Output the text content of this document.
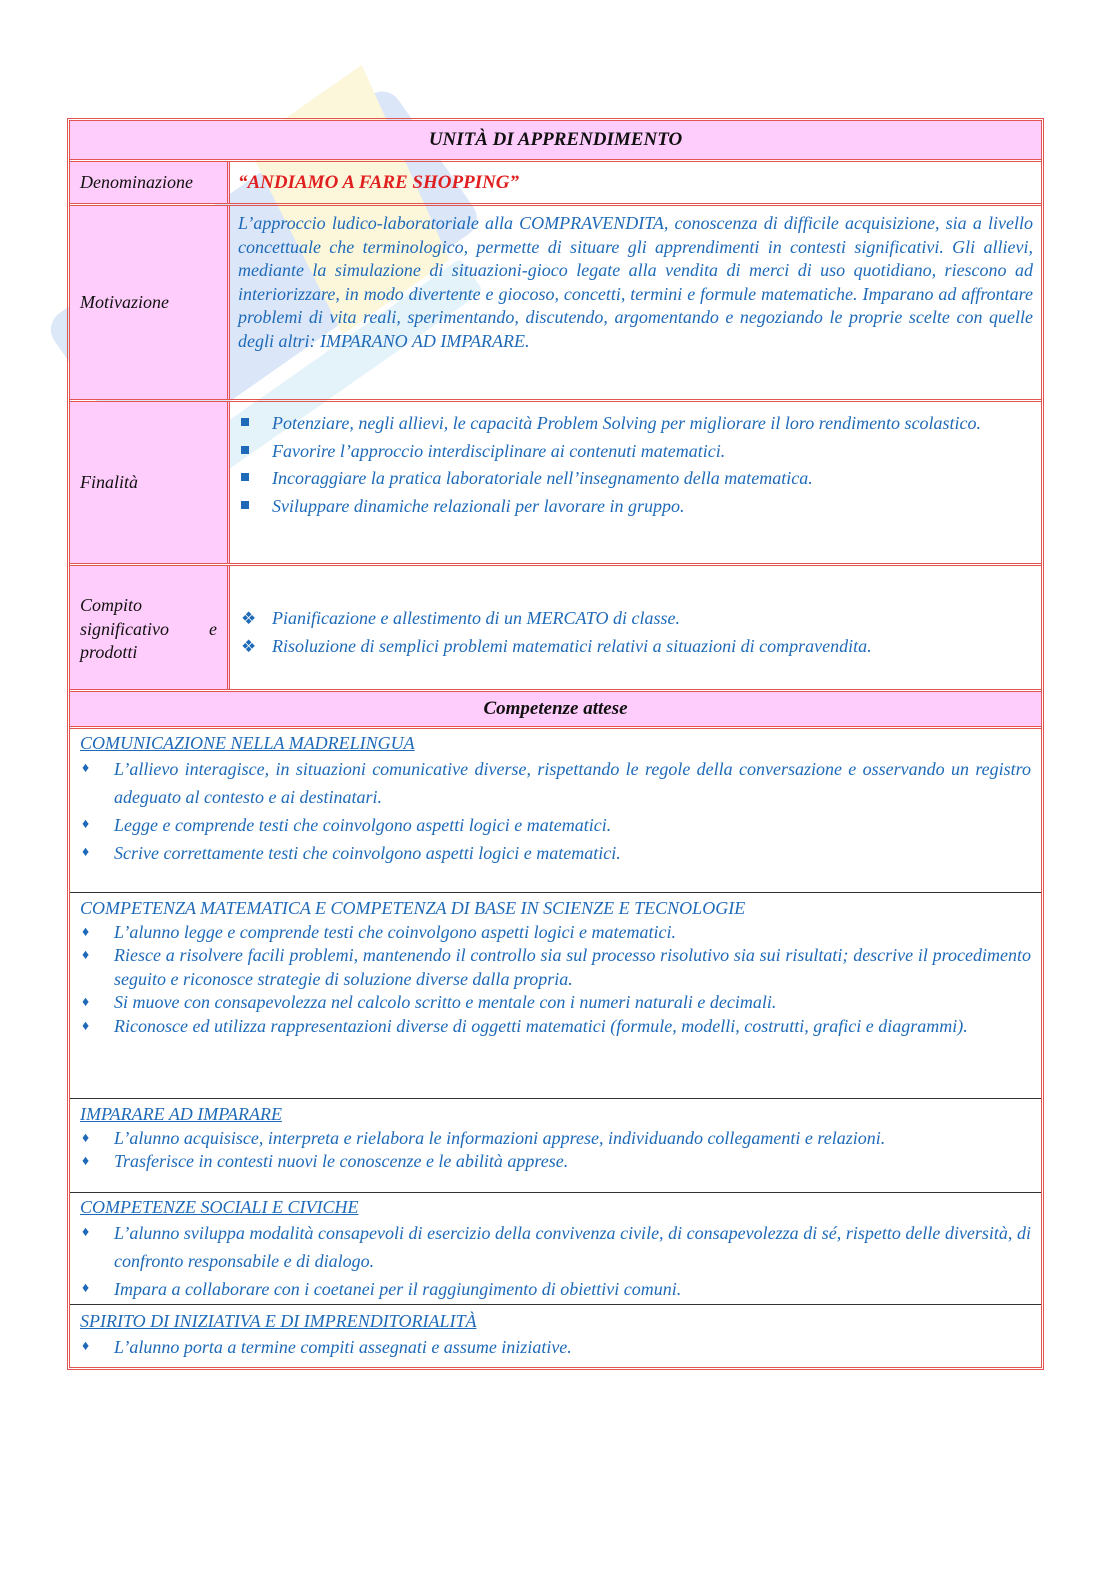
UNITÀ DI APPRENDIMENTO
Denominazione	“ANDIAMO A FARE SHOPPING”
Motivazione
L’approccio ludico-laboratoriale alla COMPRAVENDITA, conoscenza di difficile acquisizione, sia a livello concettuale che terminologico, permette di situare gli apprendimenti in contesti significativi. Gli allievi, mediante la simulazione di situazioni-gioco legate alla vendita di merci di uso quotidiano, riescono ad interiorizzare, in modo divertente e giocoso, concetti, termini e formule matematiche. Imparano ad affrontare problemi di vita reali, sperimentando, discutendo, argomentando e negoziando le proprie scelte con quelle degli altri: IMPARANO AD IMPARARE.
Finalità
Potenziare, negli allievi, le capacità Problem Solving per migliorare il loro rendimento scolastico.
Favorire l’approccio interdisciplinare ai contenuti matematici.
Incoraggiare la pratica laboratoriale nell’insegnamento della matematica.
Sviluppare dinamiche relazionali per lavorare in gruppo.
Compito
significativo e
prodotti
❖ Pianificazione e allestimento di un MERCATO di classe.
❖ Risoluzione di semplici problemi matematici relativi a situazioni di compravendita.
Competenze attese
COMUNICAZIONE NELLA MADRELINGUA
♦ L’allievo interagisce, in situazioni comunicative diverse, rispettando le regole della conversazione e osservando un registro adeguato al contesto e ai destinatari.
♦ Legge e comprende testi che coinvolgono aspetti logici e matematici.
♦ Scrive correttamente testi che coinvolgono aspetti logici e matematici.
COMPETENZA MATEMATICA E COMPETENZA DI BASE IN SCIENZE E TECNOLOGIE
♦ L’alunno legge e comprende testi che coinvolgono aspetti logici e matematici.
♦ Riesce a risolvere facili problemi, mantenendo il controllo sia sul processo risolutivo sia sui risultati; descrive il procedimento seguito e riconosce strategie di soluzione diverse dalla propria.
♦ Si muove con consapevolezza nel calcolo scritto e mentale con i numeri naturali e decimali.
♦ Riconosce ed utilizza rappresentazioni diverse di oggetti matematici (formule, modelli, costrutti, grafici e diagrammi).
IMPARARE AD IMPARARE
♦ L’alunno acquisisce, interpreta e rielabora le informazioni apprese, individuando collegamenti e relazioni.
♦ Trasferisce in contesti nuovi le conoscenze e le abilità apprese.
COMPETENZE SOCIALI E CIVICHE
♦ L’alunno sviluppa modalità consapevoli di esercizio della convivenza civile, di consapevolezza di sé, rispetto delle diversità, di confronto responsabile e di dialogo.
♦ Impara a collaborare con i coetanei per il raggiungimento di obiettivi comuni.
SPIRITO DI INIZIATIVA E DI IMPRENDITORIALITÀ
♦ L’alunno porta a termine compiti assegnati e assume iniziative.
